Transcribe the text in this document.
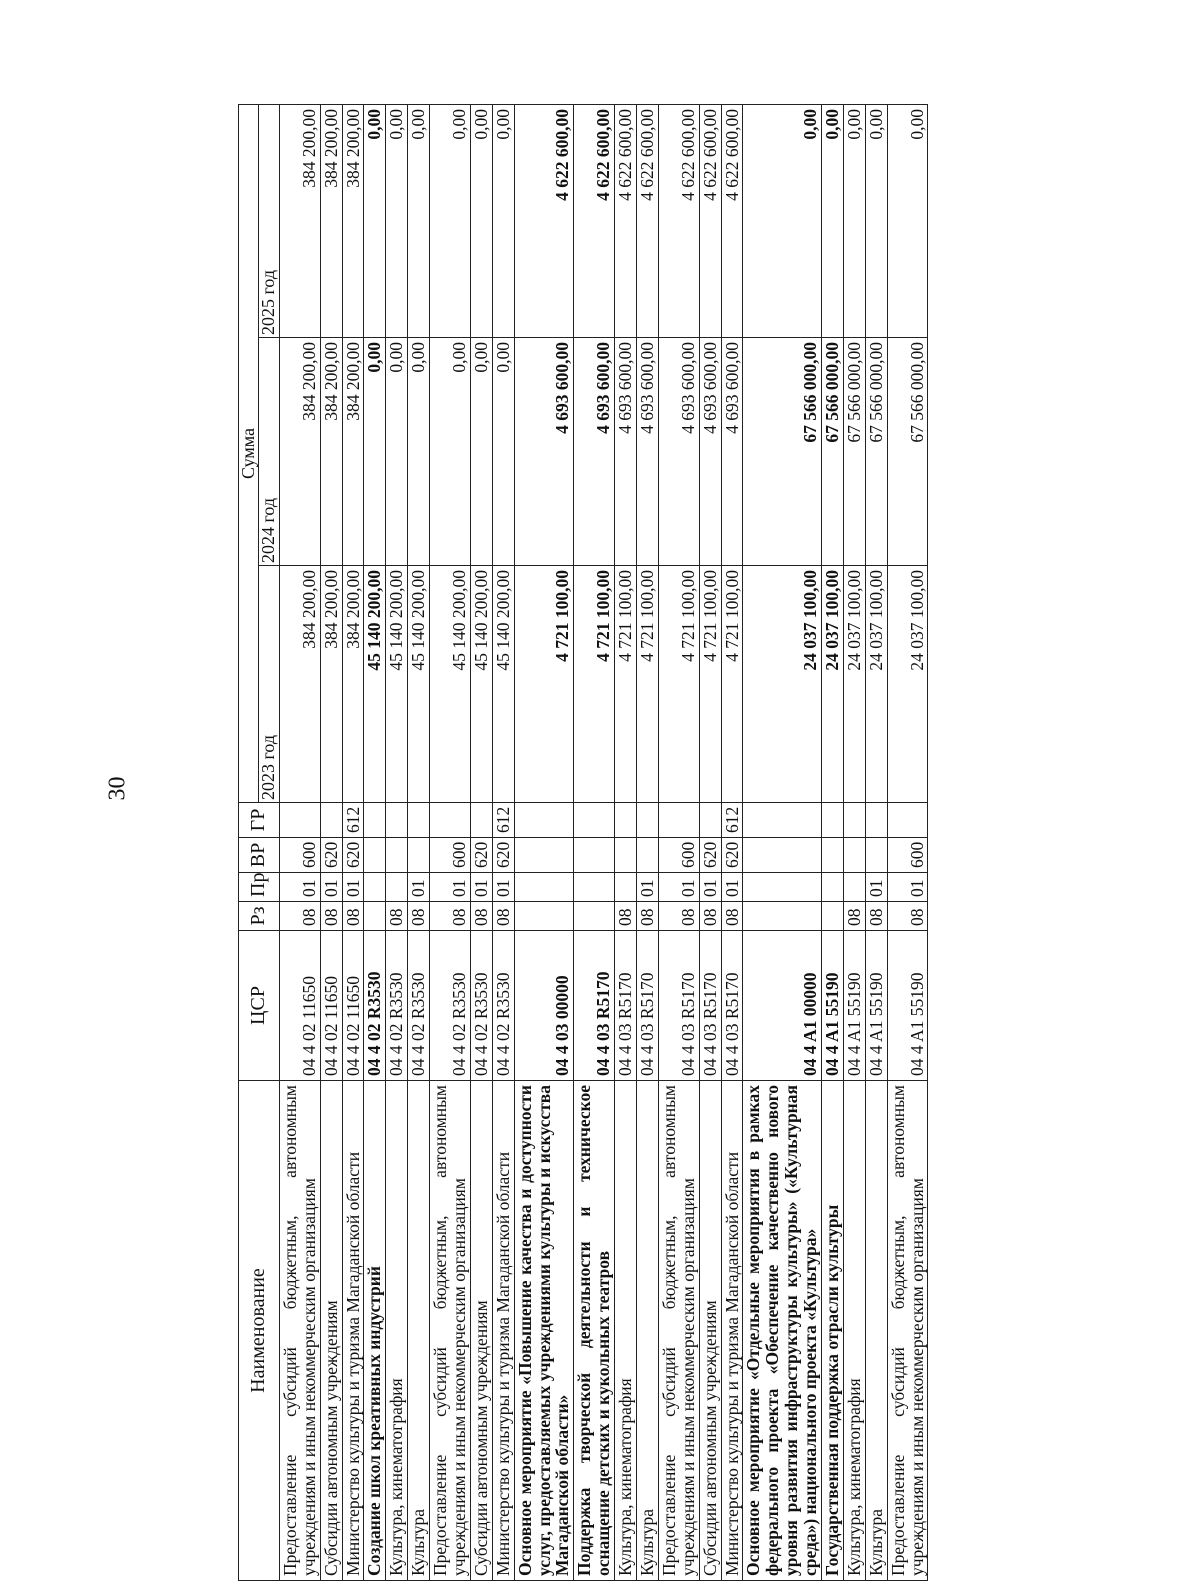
30
Наименование	ЦСР	Рз	Пр	ВР	ГР	Сумма		
						2023 год	2024 год	2025 год
Предоставление субсидий бюджетным, автономным учреждениям и иным некоммерческим организациям	04 4 02 11650	08	01	600		384 200,00	384 200,00	384 200,00
Субсидии автономным учреждениям	04 4 02 11650	08	01	620		384 200,00	384 200,00	384 200,00
Министерство культуры и туризма Магаданской области	04 4 02 11650	08	01	620	612	384 200,00	384 200,00	384 200,00
Создание школ креативных индустрий	04 4 02 R3530					45 140 200,00	0,00	0,00
Культура, кинематография	04 4 02 R3530	08				45 140 200,00	0,00	0,00
Культура	04 4 02 R3530	08	01			45 140 200,00	0,00	0,00
Предоставление субсидий бюджетным, автономным учреждениям и иным некоммерческим организациям	04 4 02 R3530	08	01	600		45 140 200,00	0,00	0,00
Субсидии автономным учреждениям	04 4 02 R3530	08	01	620		45 140 200,00	0,00	0,00
Министерство культуры и туризма Магаданской области	04 4 02 R3530	08	01	620	612	45 140 200,00	0,00	0,00
Основное мероприятие «Повышение качества и доступности услуг, предоставляемых учреждениями культуры и искусства Магаданской области»	04 4 03 00000					4 721 100,00	4 693 600,00	4 622 600,00
Поддержка творческой деятельности и техническое оснащение детских и кукольных театров	04 4 03 R5170					4 721 100,00	4 693 600,00	4 622 600,00
Культура, кинематография	04 4 03 R5170	08				4 721 100,00	4 693 600,00	4 622 600,00
Культура	04 4 03 R5170	08	01			4 721 100,00	4 693 600,00	4 622 600,00
Предоставление субсидий бюджетным, автономным учреждениям и иным некоммерческим организациям	04 4 03 R5170	08	01	600		4 721 100,00	4 693 600,00	4 622 600,00
Субсидии автономным учреждениям	04 4 03 R5170	08	01	620		4 721 100,00	4 693 600,00	4 622 600,00
Министерство культуры и туризма Магаданской области	04 4 03 R5170	08	01	620	612	4 721 100,00	4 693 600,00	4 622 600,00
Основное мероприятие «Отдельные мероприятия в рамках федерального проекта «Обеспечение качественно нового уровня развития инфраструктуры культуры» («Культурная среда») национального проекта «Культура»	04 4 A1 00000					24 037 100,00	67 566 000,00	0,00
Государственная поддержка отрасли культуры	04 4 A1 55190					24 037 100,00	67 566 000,00	0,00
Культура, кинематография	04 4 A1 55190	08				24 037 100,00	67 566 000,00	0,00
Культура	04 4 A1 55190	08	01			24 037 100,00	67 566 000,00	0,00
Предоставление субсидий бюджетным, автономным учреждениям и иным некоммерческим организациям	04 4 A1 55190	08	01	600		24 037 100,00	67 566 000,00	0,00
